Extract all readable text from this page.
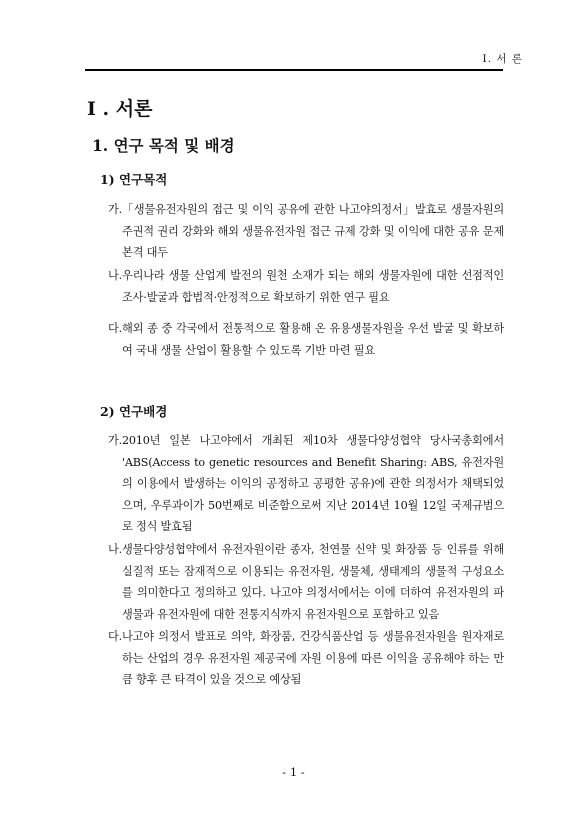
I. 서 론
I . 서론
1. 연구 목적 및 배경
1) 연구목적
가. 「생물유전자원의 접근 및 이익 공유에 관한 나고야의정서」발효로 생물자원의 주권적 권리 강화와 해외 생물유전자원 접근 규제 강화 및 이익에 대한 공유 문제 본격 대두
나. 우리나라 생물 산업계 발전의 원천 소재가 되는 해외 생물자원에 대한 선점적인 조사·발굴과 합법적·안정적으로 확보하기 위한 연구 필요
다. 해외 종 중 각국에서 전통적으로 활용해 온 유용생물자원을 우선 발굴 및 확보하여 국내 생물 산업이 활용할 수 있도록 기반 마련 필요
2) 연구배경
가. 2010년 일본 나고야에서 개최된 제10차 생물다양성협약 당사국총회에서 'ABS(Access to genetic resources and Benefit Sharing: ABS, 유전자원의 이용에서 발생하는 이익의 공정하고 공평한 공유)에 관한 의정서가 채택되었으며, 우루과이가 50번째로 비준함으로써 지난 2014년 10월 12일 국제규범으로 정식 발효됨
나. 생물다양성협약에서 유전자원이란 종자, 천연물 신약 및 화장품 등 인류를 위해 실질적 또는 잠재적으로 이용되는 유전자원, 생물체, 생태계의 생물적 구성요소를 의미한다고 정의하고 있다. 나고야 의정서에서는 이에 더하여 유전자원의 파생물과 유전자원에 대한 전통지식까지 유전자원으로 포함하고 있음
다. 나고야 의정서 발표로 의약, 화장품, 건강식품산업 등 생물유전자원을 원자재로 하는 산업의 경우 유전자원 제공국에 자원 이용에 따른 이익을 공유해야 하는 만큼 향후 큰 타격이 있을 것으로 예상됨
- 1 -
